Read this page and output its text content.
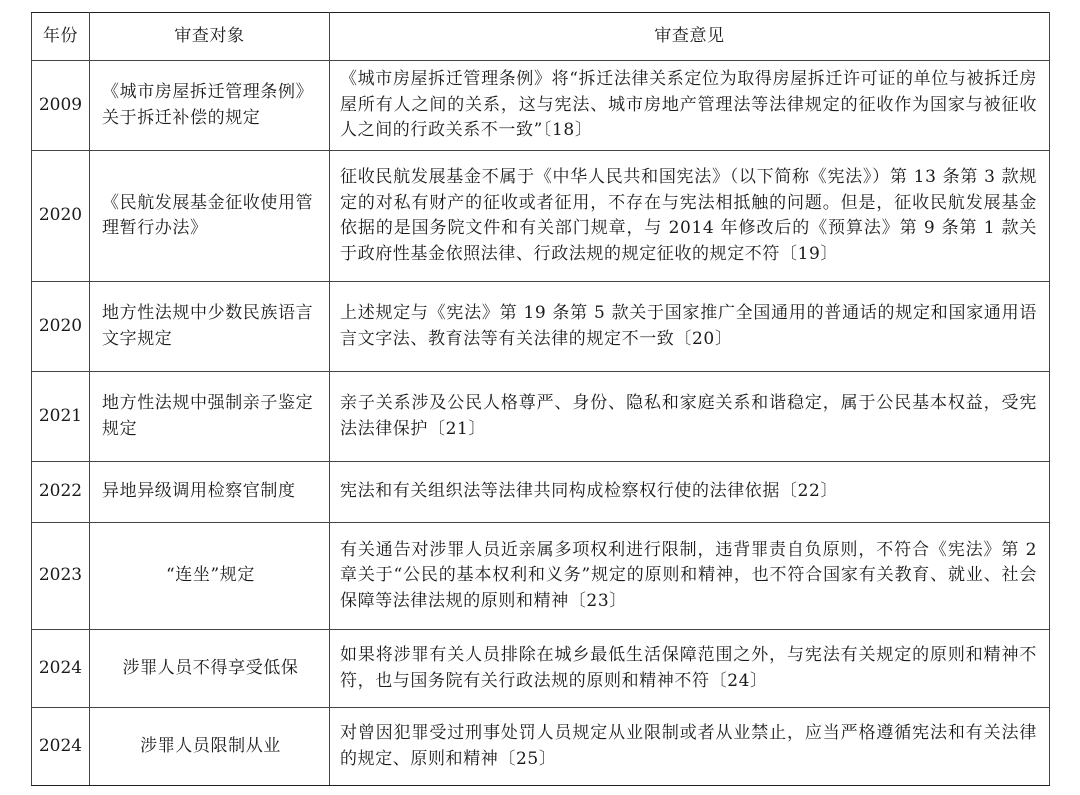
年份	审查对象	审查意见
2009	《城市房屋拆迁管理条例》关于拆迁补偿的规定	《城市房屋拆迁管理条例》将“拆迁法律关系定位为取得房屋拆迁许可证的单位与被拆迁房屋所有人之间的关系，这与宪法、城市房地产管理法等法律规定的征收作为国家与被征收人之间的行政关系不一致”〔18〕
2020	《民航发展基金征收使用管理暂行办法》	征收民航发展基金不属于《中华人民共和国宪法》（以下简称《宪法》）第 13 条第 3 款规定的对私有财产的征收或者征用，不存在与宪法相抵触的问题。但是，征收民航发展基金依据的是国务院文件和有关部门规章，与 2014 年修改后的《预算法》第 9 条第 1 款关于政府性基金依照法律、行政法规的规定征收的规定不符〔19〕
2020	地方性法规中少数民族语言文字规定	上述规定与《宪法》第 19 条第 5 款关于国家推广全国通用的普通话的规定和国家通用语言文字法、教育法等有关法律的规定不一致〔20〕
2021	地方性法规中强制亲子鉴定规定	亲子关系涉及公民人格尊严、身份、隐私和家庭关系和谐稳定，属于公民基本权益，受宪法法律保护〔21〕
2022	异地异级调用检察官制度	宪法和有关组织法等法律共同构成检察权行使的法律依据〔22〕
2023	“连坐”规定	有关通告对涉罪人员近亲属多项权利进行限制，违背罪责自负原则，不符合《宪法》第 2 章关于“公民的基本权利和义务”规定的原则和精神，也不符合国家有关教育、就业、社会保障等法律法规的原则和精神〔23〕
2024	涉罪人员不得享受低保	如果将涉罪有关人员排除在城乡最低生活保障范围之外，与宪法有关规定的原则和精神不符，也与国务院有关行政法规的原则和精神不符〔24〕
2024	涉罪人员限制从业	对曾因犯罪受过刑事处罚人员规定从业限制或者从业禁止，应当严格遵循宪法和有关法律的规定、原则和精神〔25〕
